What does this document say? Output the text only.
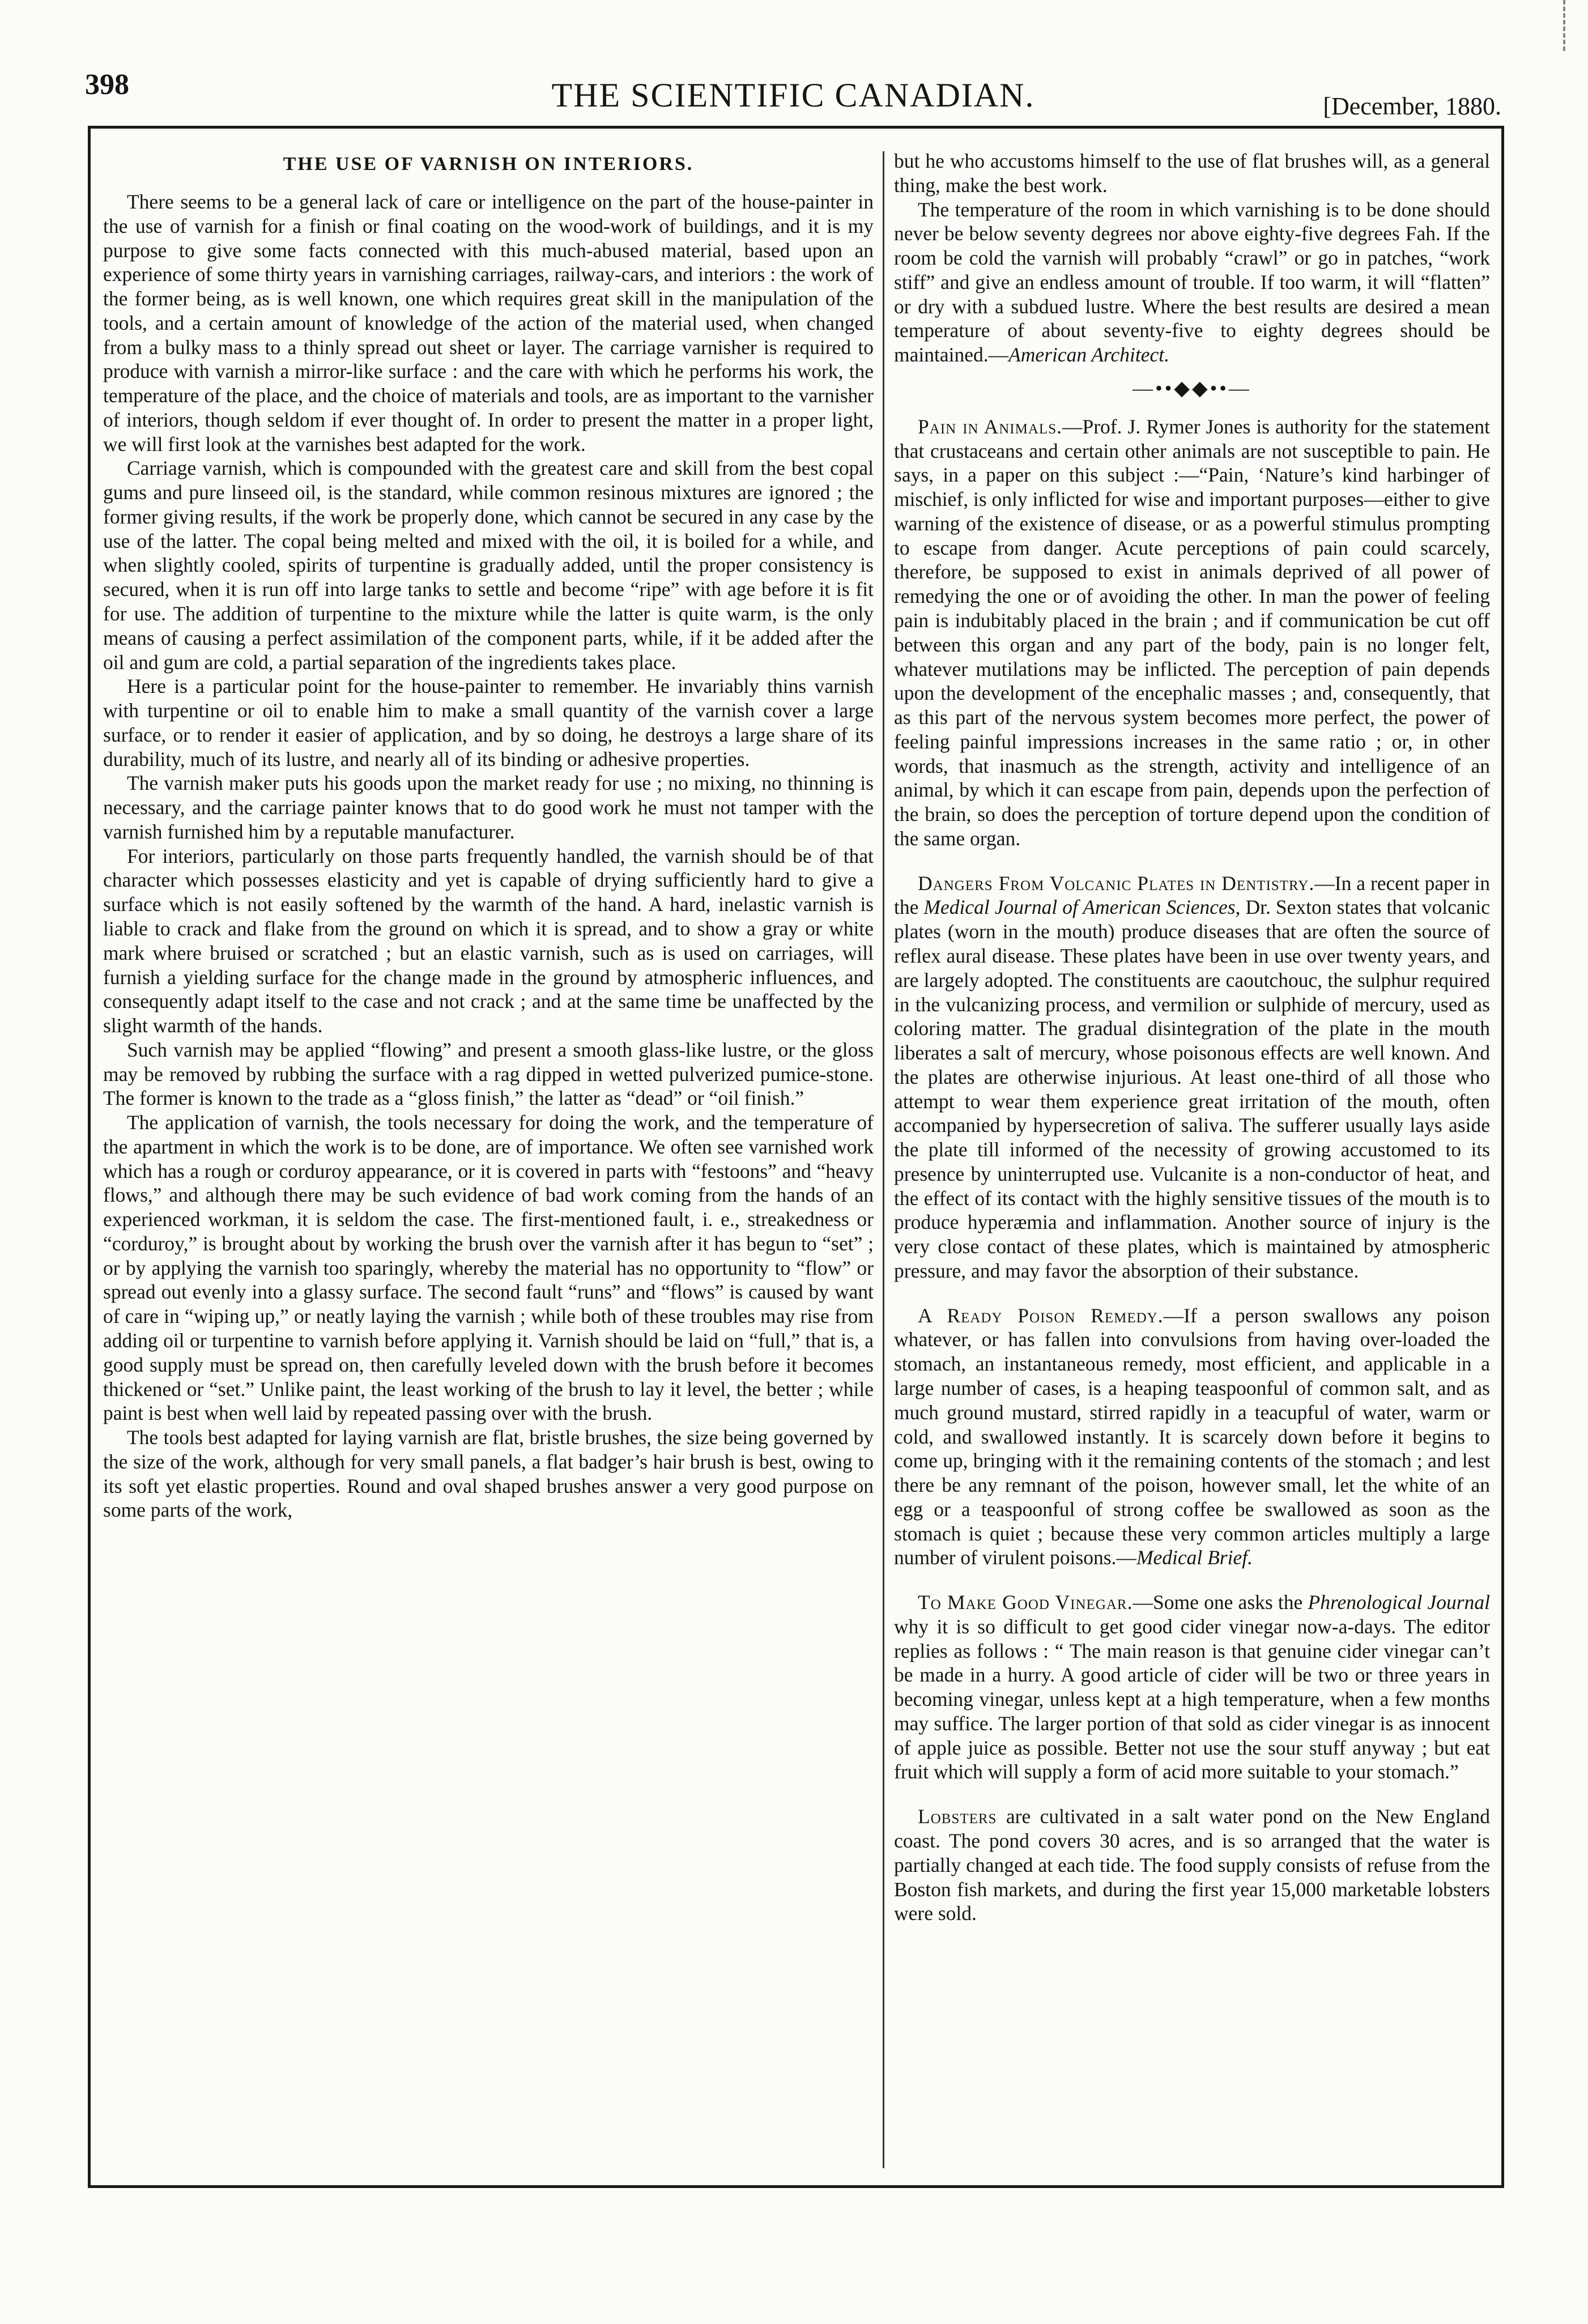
398	THE SCIENTIFIC CANADIAN.	[December, 1880.
THE USE OF VARNISH ON INTERIORS.

There seems to be a general lack of care or intelligence on the part of the house-painter in the use of varnish for a finish or final coating on the wood-work of buildings, and it is my purpose to give some facts connected with this much-abused material, based upon an experience of some thirty years in varnishing carriages, railway-cars, and interiors : the work of the former being, as is well known, one which requires great skill in the manipulation of the tools, and a certain amount of knowledge of the action of the material used, when changed from a bulky mass to a thinly spread out sheet or layer. The carriage varnisher is required to produce with varnish a mirror-like surface : and the care with which he performs his work, the temperature of the place, and the choice of materials and tools, are as important to the varnisher of interiors, though seldom if ever thought of. In order to present the matter in a proper light, we will first look at the varnishes best adapted for the work.

Carriage varnish, which is compounded with the greatest care and skill from the best copal gums and pure linseed oil, is the standard, while common resinous mixtures are ignored ; the former giving results, if the work be properly done, which cannot be secured in any case by the use of the latter. The copal being melted and mixed with the oil, it is boiled for a while, and when slightly cooled, spirits of turpentine is gradually added, until the proper consistency is secured, when it is run off into large tanks to settle and become “ripe” with age before it is fit for use. The addition of turpentine to the mixture while the latter is quite warm, is the only means of causing a perfect assimilation of the component parts, while, if it be added after the oil and gum are cold, a partial separation of the ingredients takes place.

Here is a particular point for the house-painter to remember. He invariably thins varnish with turpentine or oil to enable him to make a small quantity of the varnish cover a large surface, or to render it easier of application, and by so doing, he destroys a large share of its durability, much of its lustre, and nearly all of its binding or adhesive properties.

The varnish maker puts his goods upon the market ready for use ; no mixing, no thinning is necessary, and the carriage painter knows that to do good work he must not tamper with the varnish furnished him by a reputable manufacturer.

For interiors, particularly on those parts frequently handled, the varnish should be of that character which possesses elasticity and yet is capable of drying sufficiently hard to give a surface which is not easily softened by the warmth of the hand. A hard, inelastic varnish is liable to crack and flake from the ground on which it is spread, and to show a gray or white mark where bruised or scratched ; but an elastic varnish, such as is used on carriages, will furnish a yielding surface for the change made in the ground by atmospheric influences, and consequently adapt itself to the case and not crack ; and at the same time be unaffected by the slight warmth of the hands.

Such varnish may be applied “flowing” and present a smooth glass-like lustre, or the gloss may be removed by rubbing the surface with a rag dipped in wetted pulverized pumice-stone. The former is known to the trade as a “gloss finish,” the latter as “dead” or “oil finish.”

The application of varnish, the tools necessary for doing the work, and the temperature of the apartment in which the work is to be done, are of importance. We often see varnished work which has a rough or corduroy appearance, or it is covered in parts with “festoons” and “heavy flows,” and although there may be such evidence of bad work coming from the hands of an experienced workman, it is seldom the case. The first-mentioned fault, i. e., streakedness or “corduroy,” is brought about by working the brush over the varnish after it has begun to “set” ; or by applying the varnish too sparingly, whereby the material has no opportunity to “flow” or spread out evenly into a glassy surface. The second fault “runs” and “flows” is caused by want of care in “wiping up,” or neatly laying the varnish ; while both of these troubles may rise from adding oil or turpentine to varnish before applying it. Varnish should be laid on “full,” that is, a good supply must be spread on, then carefully leveled down with the brush before it becomes thickened or “set.” Unlike paint, the least working of the brush to lay it level, the better ; while paint is best when well laid by repeated passing over with the brush.

The tools best adapted for laying varnish are flat, bristle brushes, the size being governed by the size of the work, although for very small panels, a flat badger’s hair brush is best, owing to its soft yet elastic properties. Round and oval shaped brushes answer a very good purpose on some parts of the work,

but he who accustoms himself to the use of flat brushes will, as a general thing, make the best work.

The temperature of the room in which varnishing is to be done should never be below seventy degrees nor above eighty-five degrees Fah. If the room be cold the varnish will probably “crawl” or go in patches, “work stiff” and give an endless amount of trouble. If too warm, it will “flatten” or dry with a subdued lustre. Where the best results are desired a mean temperature of about seventy-five to eighty degrees should be maintained.—American Architect.

—••◆◆••—

Pain in Animals.—Prof. J. Rymer Jones is authority for the statement that crustaceans and certain other animals are not susceptible to pain. He says, in a paper on this subject :—“Pain, ‘Nature’s kind harbinger of mischief, is only inflicted for wise and important purposes—either to give warning of the existence of disease, or as a powerful stimulus prompting to escape from danger. Acute perceptions of pain could scarcely, therefore, be supposed to exist in animals deprived of all power of remedying the one or of avoiding the other. In man the power of feeling pain is indubitably placed in the brain ; and if communication be cut off between this organ and any part of the body, pain is no longer felt, whatever mutilations may be inflicted. The perception of pain depends upon the development of the encephalic masses ; and, consequently, that as this part of the nervous system becomes more perfect, the power of feeling painful impressions increases in the same ratio ; or, in other words, that inasmuch as the strength, activity and intelligence of an animal, by which it can escape from pain, depends upon the perfection of the brain, so does the perception of torture depend upon the condition of the same organ.

Dangers From Volcanic Plates in Dentistry.—In a recent paper in the Medical Journal of American Sciences, Dr. Sexton states that volcanic plates (worn in the mouth) produce diseases that are often the source of reflex aural disease. These plates have been in use over twenty years, and are largely adopted. The constituents are caoutchouc, the sulphur required in the vulcanizing process, and vermilion or sulphide of mercury, used as coloring matter. The gradual disintegration of the plate in the mouth liberates a salt of mercury, whose poisonous effects are well known. And the plates are otherwise injurious. At least one-third of all those who attempt to wear them experience great irritation of the mouth, often accompanied by hypersecretion of saliva. The sufferer usually lays aside the plate till informed of the necessity of growing accustomed to its presence by uninterrupted use. Vulcanite is a non-conductor of heat, and the effect of its contact with the highly sensitive tissues of the mouth is to produce hyperæmia and inflammation. Another source of injury is the very close contact of these plates, which is maintained by atmospheric pressure, and may favor the absorption of their substance.

A Ready Poison Remedy.—If a person swallows any poison whatever, or has fallen into convulsions from having over-loaded the stomach, an instantaneous remedy, most efficient, and applicable in a large number of cases, is a heaping teaspoonful of common salt, and as much ground mustard, stirred rapidly in a teacupful of water, warm or cold, and swallowed instantly. It is scarcely down before it begins to come up, bringing with it the remaining contents of the stomach ; and lest there be any remnant of the poison, however small, let the white of an egg or a teaspoonful of strong coffee be swallowed as soon as the stomach is quiet ; because these very common articles multiply a large number of virulent poisons.—Medical Brief.

To Make Good Vinegar.—Some one asks the Phrenological Journal why it is so difficult to get good cider vinegar now-a-days. The editor replies as follows : “ The main reason is that genuine cider vinegar can’t be made in a hurry. A good article of cider will be two or three years in becoming vinegar, unless kept at a high temperature, when a few months may suffice. The larger portion of that sold as cider vinegar is as innocent of apple juice as possible. Better not use the sour stuff anyway ; but eat fruit which will supply a form of acid more suitable to your stomach.”

Lobsters are cultivated in a salt water pond on the New England coast. The pond covers 30 acres, and is so arranged that the water is partially changed at each tide. The food supply consists of refuse from the Boston fish markets, and during the first year 15,000 marketable lobsters were sold.
